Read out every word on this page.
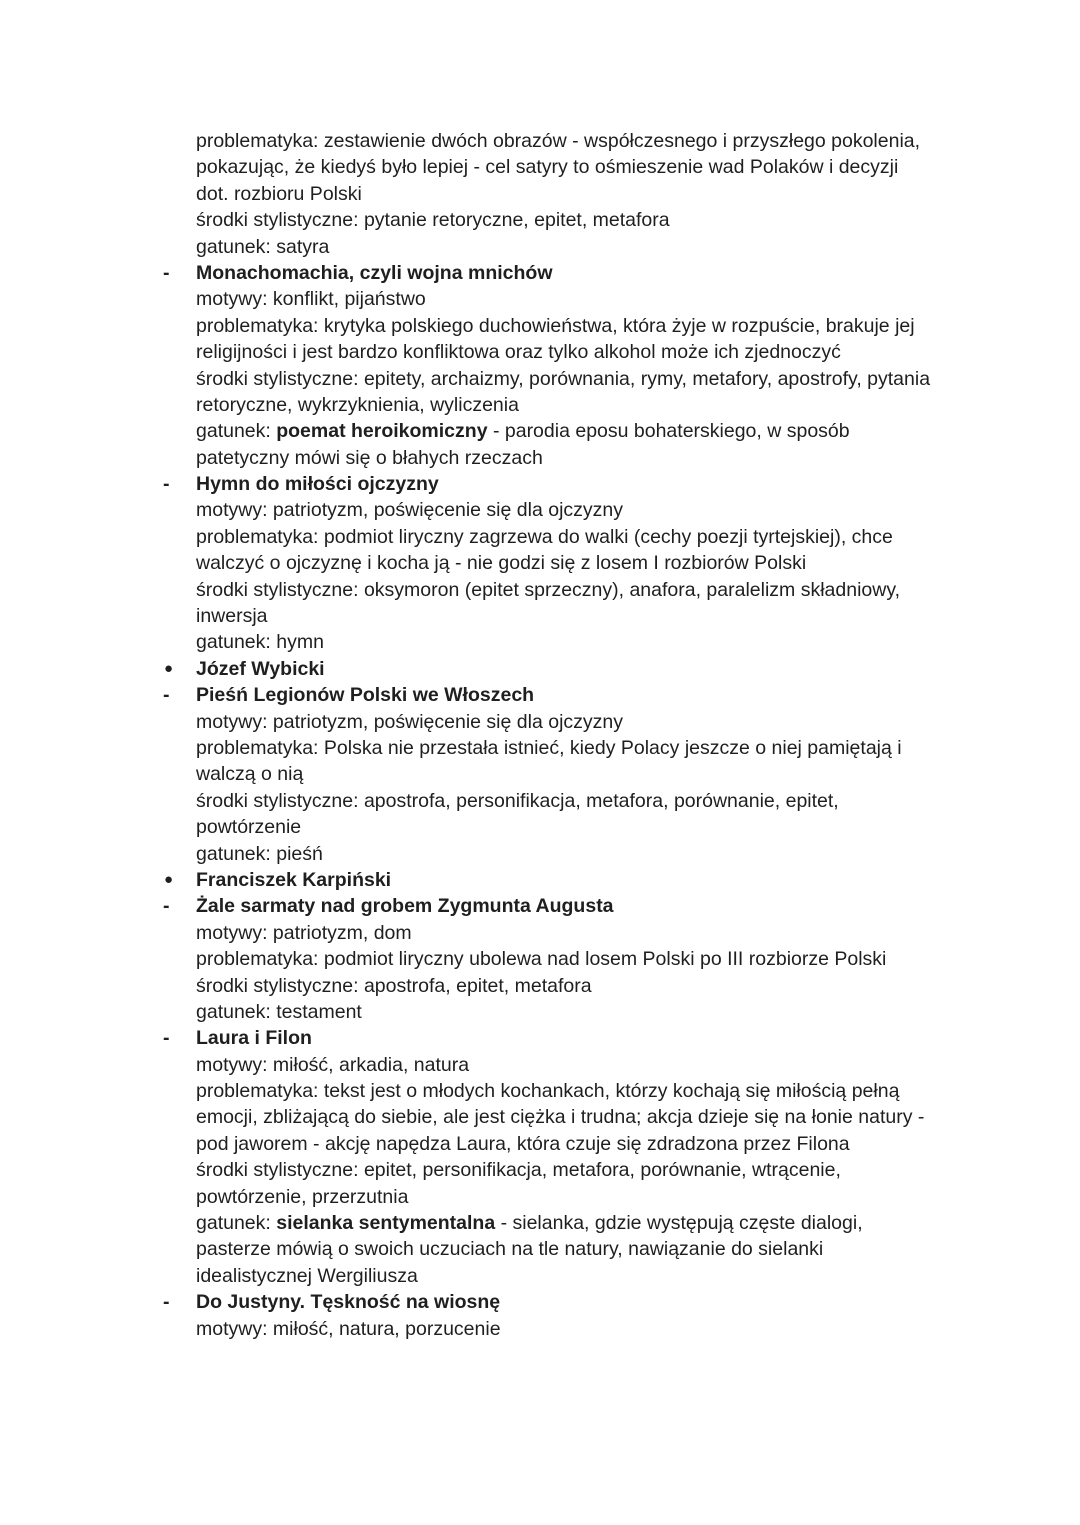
problematyka: zestawienie dwóch obrazów - współczesnego i przyszłego pokolenia,
pokazując, że kiedyś było lepiej - cel satyry to ośmieszenie wad Polaków i decyzji
dot. rozbioru Polski
środki stylistyczne: pytanie retoryczne, epitet, metafora
gatunek: satyra
-	Monachomachia, czyli wojna mnichów
motywy: konflikt, pijaństwo
problematyka: krytyka polskiego duchowieństwa, która żyje w rozpuście, brakuje jej
religijności i jest bardzo konfliktowa oraz tylko alkohol może ich zjednoczyć
środki stylistyczne: epitety, archaizmy, porównania, rymy, metafory, apostrofy, pytania
retoryczne, wykrzyknienia, wyliczenia
gatunek: poemat heroikomiczny - parodia eposu bohaterskiego, w sposób
patetyczny mówi się o błahych rzeczach
-	Hymn do miłości ojczyzny
motywy: patriotyzm, poświęcenie się dla ojczyzny
problematyka: podmiot liryczny zagrzewa do walki (cechy poezji tyrtejskiej), chce
walczyć o ojczyznę i kocha ją - nie godzi się z losem I rozbiorów Polski
środki stylistyczne: oksymoron (epitet sprzeczny), anafora, paralelizm składniowy,
inwersja
gatunek: hymn
●	Józef Wybicki
-	Pieśń Legionów Polski we Włoszech
motywy: patriotyzm, poświęcenie się dla ojczyzny
problematyka: Polska nie przestała istnieć, kiedy Polacy jeszcze o niej pamiętają i
walczą o nią
środki stylistyczne: apostrofa, personifikacja, metafora, porównanie, epitet,
powtórzenie
gatunek: pieśń
●	Franciszek Karpiński
-	Żale sarmaty nad grobem Zygmunta Augusta
motywy: patriotyzm, dom
problematyka: podmiot liryczny ubolewa nad losem Polski po III rozbiorze Polski
środki stylistyczne: apostrofa, epitet, metafora
gatunek: testament
-	Laura i Filon
motywy: miłość, arkadia, natura
problematyka: tekst jest o młodych kochankach, którzy kochają się miłością pełną
emocji, zbliżającą do siebie, ale jest ciężka i trudna; akcja dzieje się na łonie natury -
pod jaworem - akcję napędza Laura, która czuje się zdradzona przez Filona
środki stylistyczne: epitet, personifikacja, metafora, porównanie, wtrącenie,
powtórzenie, przerzutnia
gatunek: sielanka sentymentalna - sielanka, gdzie występują częste dialogi,
pasterze mówią o swoich uczuciach na tle natury, nawiązanie do sielanki
idealistycznej Wergiliusza
-	Do Justyny. Tęskność na wiosnę
motywy: miłość, natura, porzucenie
